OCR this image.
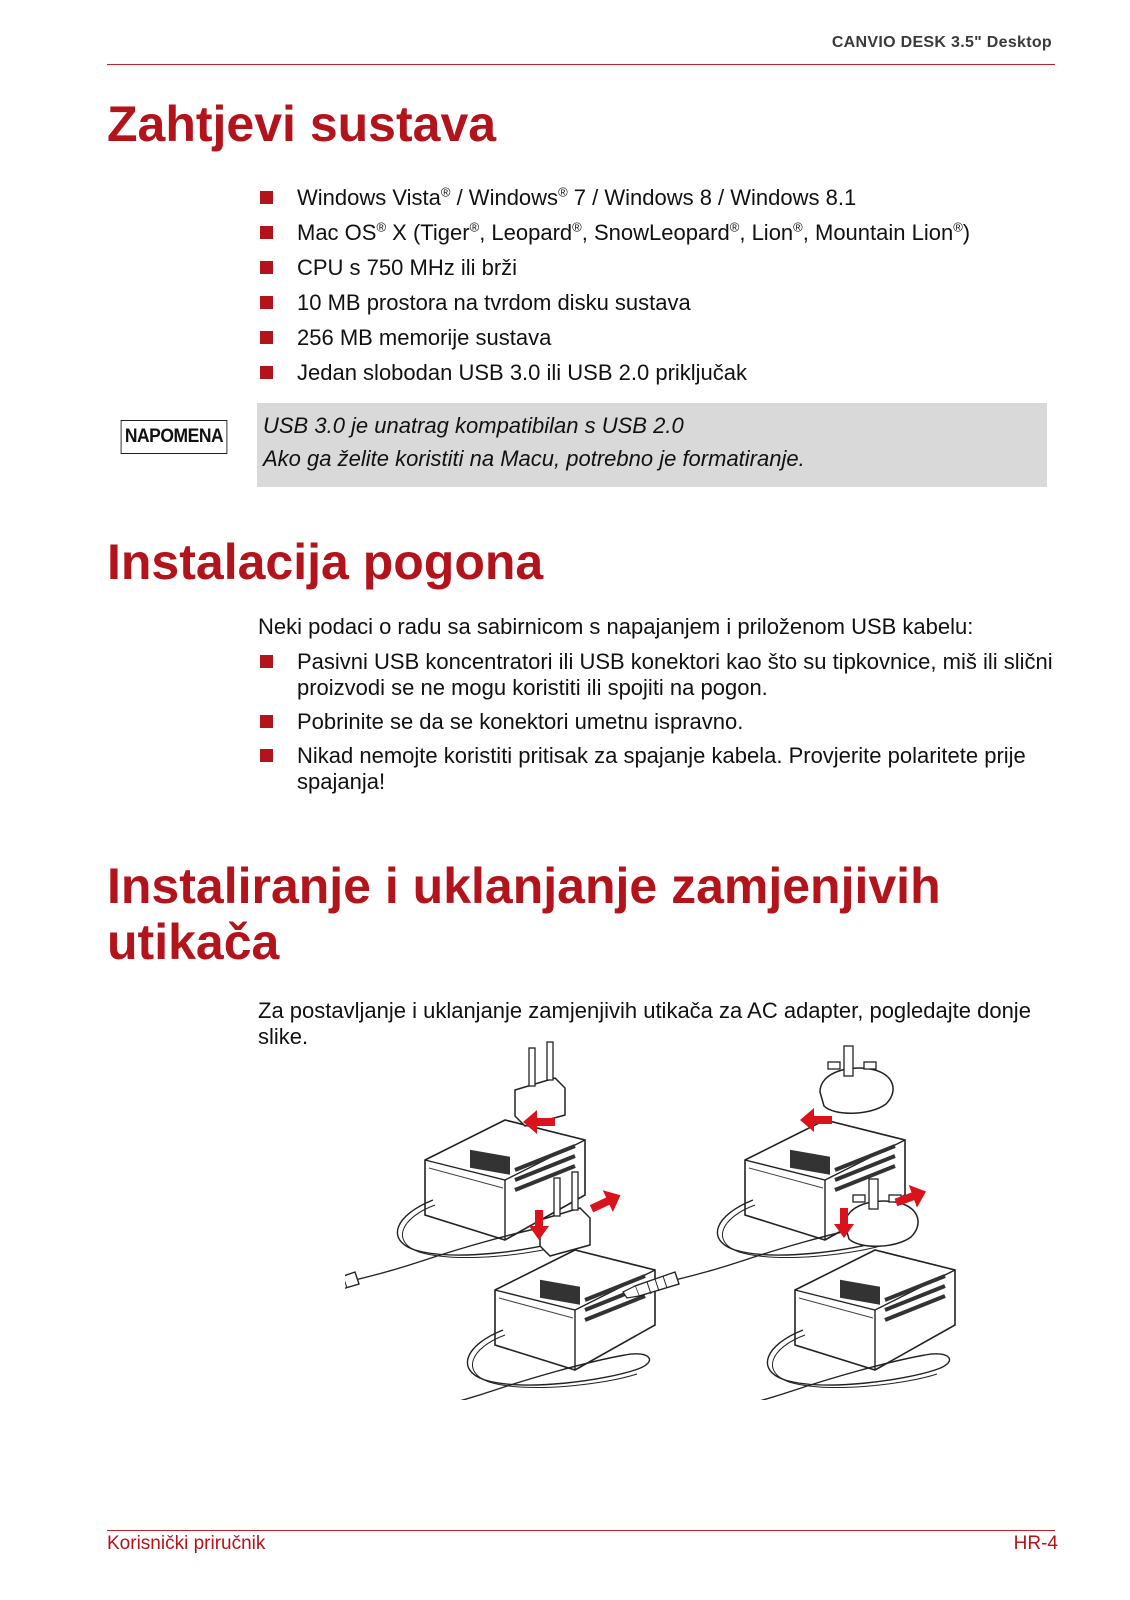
CANVIO DESK 3.5" Desktop
Zahtjevi sustava
Windows Vista® / Windows® 7 / Windows 8 / Windows 8.1
Mac OS® X (Tiger®, Leopard®, SnowLeopard®, Lion®, Mountain Lion®)
CPU s 750 MHz ili brži
10 MB prostora na tvrdom disku sustava
256 MB memorije sustava
Jedan slobodan USB 3.0 ili USB 2.0 priključak
NAPOMENA USB 3.0 je unatrag kompatibilan s USB 2.0
Ako ga želite koristiti na Macu, potrebno je formatiranje.
Instalacija pogona

Neki podaci o radu sa sabirnicom s napajanjem i priloženom USB kabelu:

Pasivni USB koncentratori ili USB konektori kao što su tipkovnice, miš ili slični proizvodi se ne mogu koristiti ili spojiti na pogon.
Pobrinite se da se konektori umetnu ispravno.
Nikad nemojte koristiti pritisak za spajanje kabela. Provjerite polaritete prije spajanja!
Instaliranje i uklanjanje zamjenjivih utikača

Za postavljanje i uklanjanje zamjenjivih utikača za AC adapter, pogledajte donje slike.

Korisnički priručnik	HR-4
